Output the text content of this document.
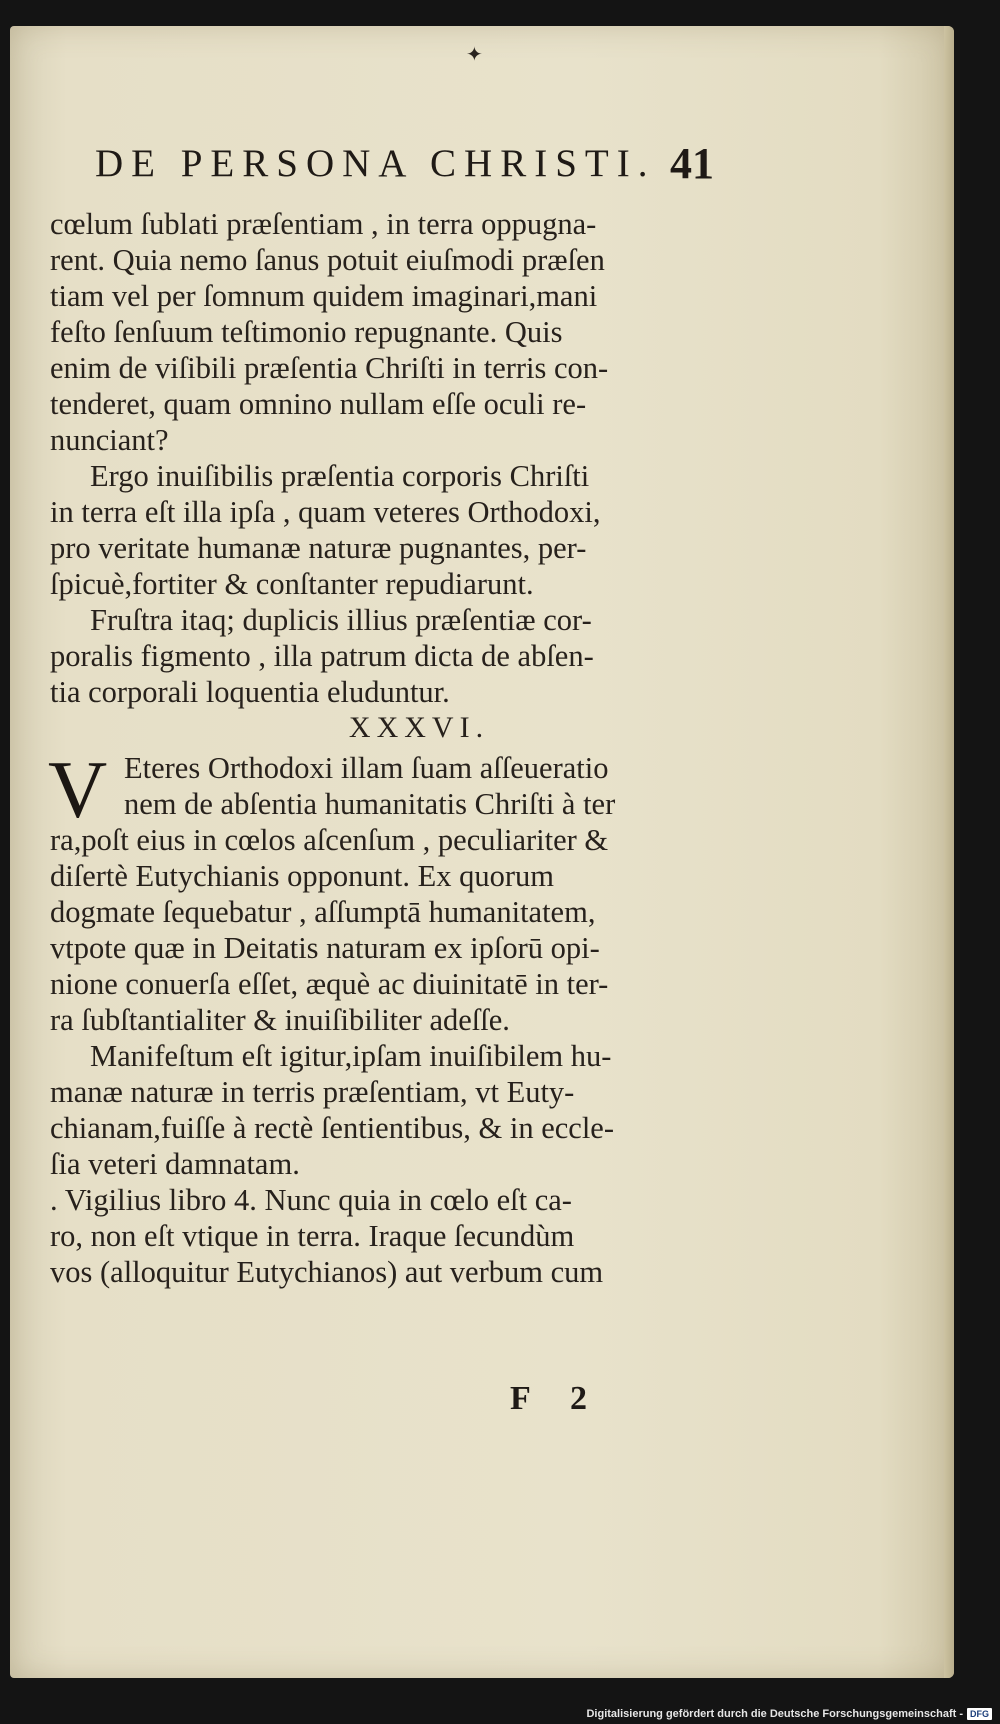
✦
DE PERSONA CHRISTI. 41
cœlum ſublati præſentiam , in terra oppugna-
rent. Quia nemo ſanus potuit eiuſmodi præſen
tiam vel per ſomnum quidem imaginari,mani
feſto ſenſuum teſtimonio repugnante. Quis
enim de viſibili præſentia Chriſti in terris con-
tenderet, quam omnino nullam eſſe oculi re-
nunciant?
Ergo inuiſibilis præſentia corporis Chriſti
in terra eſt illa ipſa , quam veteres Orthodoxi,
pro veritate humanæ naturæ pugnantes, per-
ſpicuè,fortiter & conſtanter repudiarunt.
Fruſtra itaq; duplicis illius præſentiæ cor-
poralis figmento , illa patrum dicta de abſen-
tia corporali loquentia eluduntur.
XXXVI.
V Eteres Orthodoxi illam ſuam aſſeueratio
nem de abſentia humanitatis Chriſti à ter
ra,poſt eius in cœlos aſcenſum , peculiariter &
diſertè Eutychianis opponunt. Ex quorum
dogmate ſequebatur , aſſumptā humanitatem,
vtpote quæ in Deitatis naturam ex ipſorū opi-
nione conuerſa eſſet, æquè ac diuinitatē in ter-
ra ſubſtantialiter & inuiſibiliter adeſſe.
Manifeſtum eſt igitur,ipſam inuiſibilem hu-
manæ naturæ in terris præſentiam, vt Euty-
chianam,fuiſſe à rectè ſentientibus, & in eccle-
ſia veteri damnatam.
. Vigilius libro 4. Nunc quia in cœlo eſt ca-
ro, non eſt vtique in terra. Iraque ſecundùm
vos (alloquitur Eutychianos) aut verbum cum
F 2
Digitalisierung gefördert durch die Deutsche Forschungsgemeinschaft - DFG
